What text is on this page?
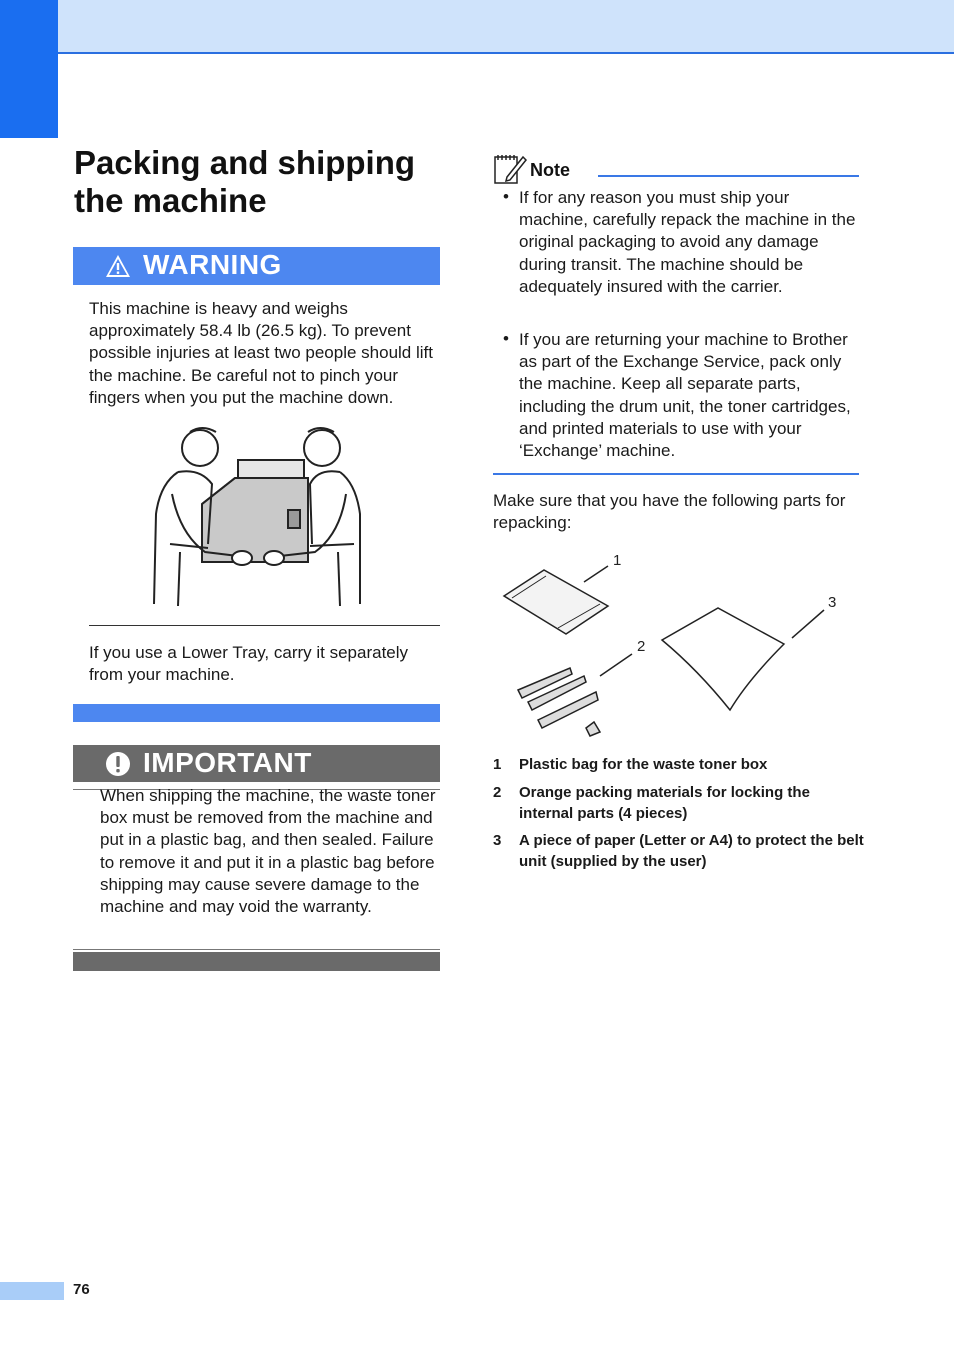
Packing and shipping the machine
WARNING
This machine is heavy and weighs approximately 58.4 lb (26.5 kg). To prevent possible injuries at least two people should lift the machine. Be careful not to pinch your fingers when you put the machine down.
If you use a Lower Tray, carry it separately from your machine.
IMPORTANT
When shipping the machine, the waste toner box must be removed from the machine and put in a plastic bag, and then sealed. Failure to remove it and put it in a plastic bag before shipping may cause severe damage to the machine and may void the warranty.
Note
• If for any reason you must ship your machine, carefully repack the machine in the original packaging to avoid any damage during transit. The machine should be adequately insured with the carrier.
• If you are returning your machine to Brother as part of the Exchange Service, pack only the machine. Keep all separate parts, including the drum unit, the toner cartridges, and printed materials to use with your ‘Exchange’ machine.
Make sure that you have the following parts for repacking:
1
2
3
1 Plastic bag for the waste toner box
2 Orange packing materials for locking the internal parts (4 pieces)
3 A piece of paper (Letter or A4) to protect the belt unit (supplied by the user)
76
